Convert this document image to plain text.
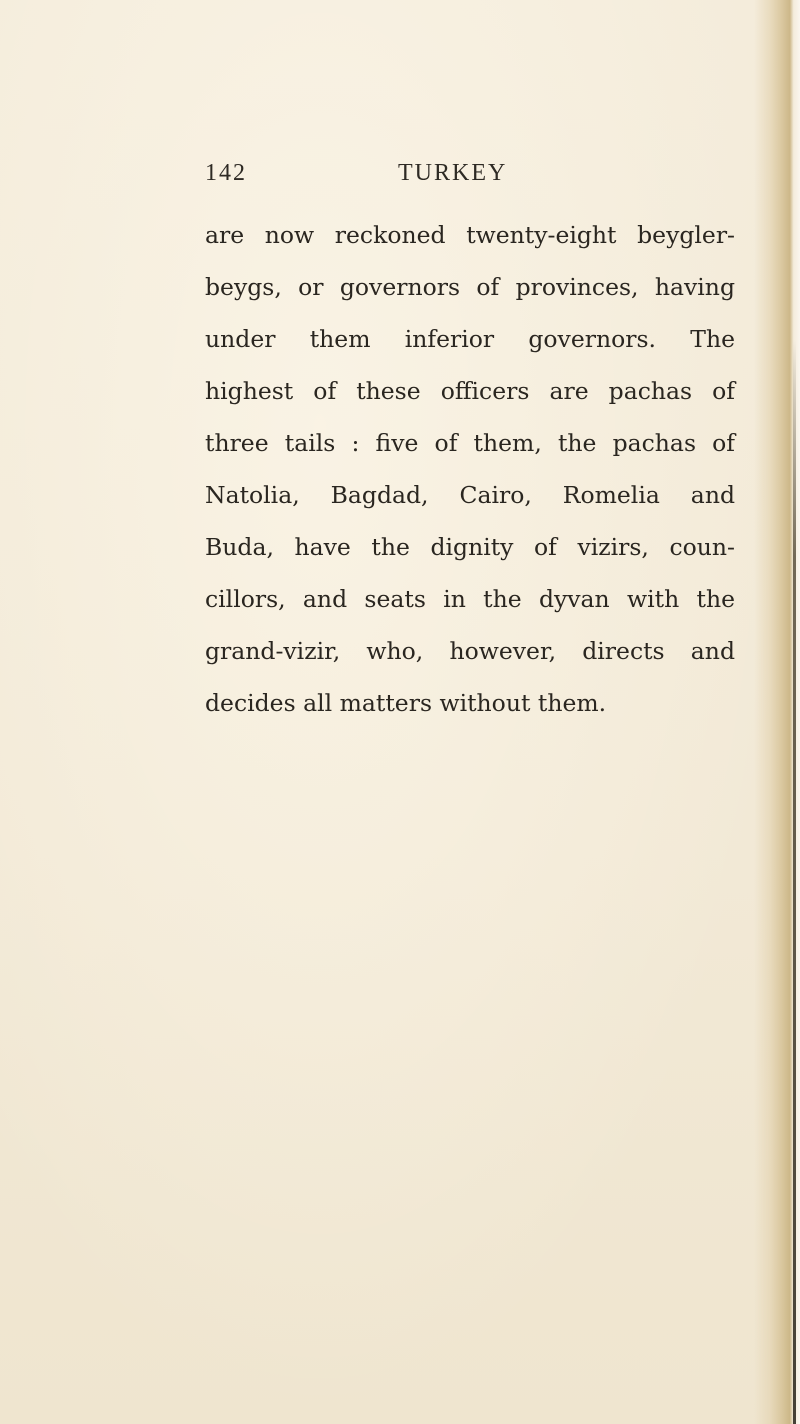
142	TURKEY

are now reckoned twenty-eight beygler-
beygs, or governors of provinces, having
under them inferior governors. The
highest of these officers are pachas of
three tails : five of them, the pachas of
Natolia, Bagdad, Cairo, Romelia and
Buda, have the dignity of vizirs, coun-
cillors, and seats in the dyvan with the
grand-vizir, who, however, directs and
decides all matters without them.
